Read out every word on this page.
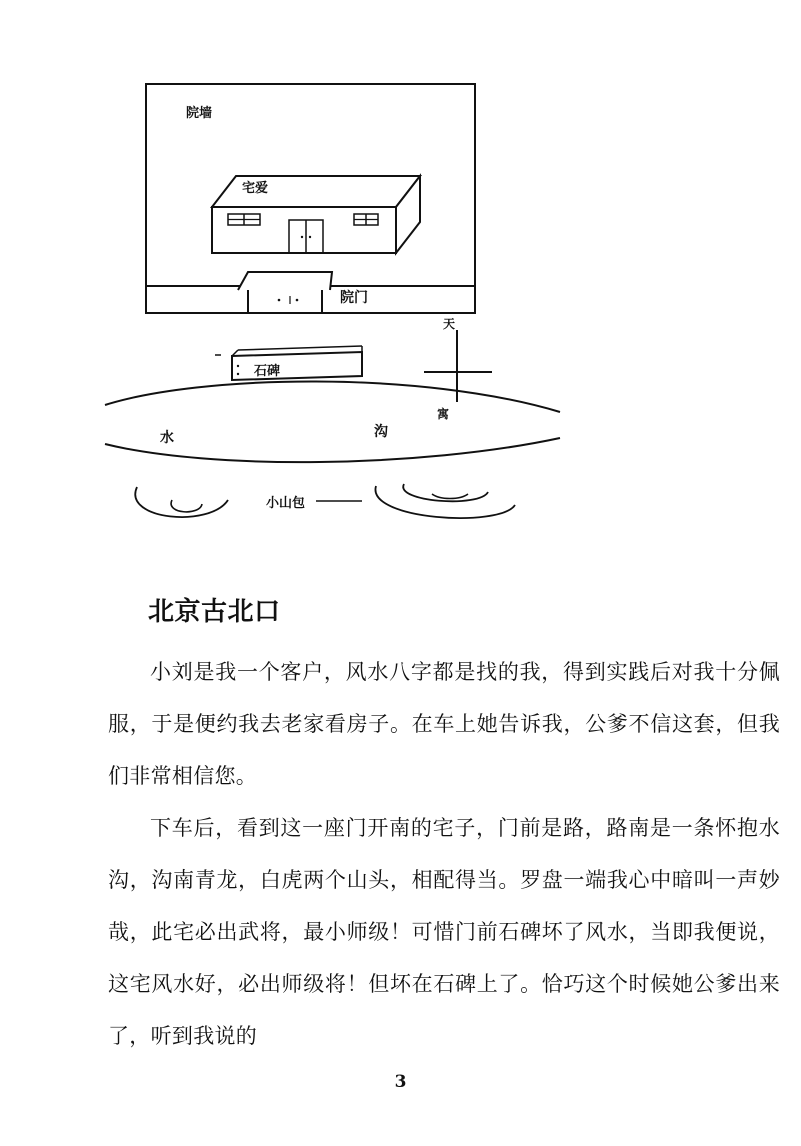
院墙
宅爱
院门
石碑
天
寓
水	沟
小山包
北京古北口

小刘是我一个客户，风水八字都是找的我，得到实践后对我十分佩服，于是便约我去老家看房子。在车上她告诉我，公爹不信这套，但我们非常相信您。

下车后，看到这一座门开南的宅子，门前是路，路南是一条怀抱水沟，沟南青龙，白虎两个山头，相配得当。罗盘一端我心中暗叫一声妙哉，此宅必出武将，最小师级！可惜门前石碑坏了风水，当即我便说，这宅风水好，必出师级将！但坏在石碑上了。恰巧这个时候她公爹出来了，听到我说的

3
